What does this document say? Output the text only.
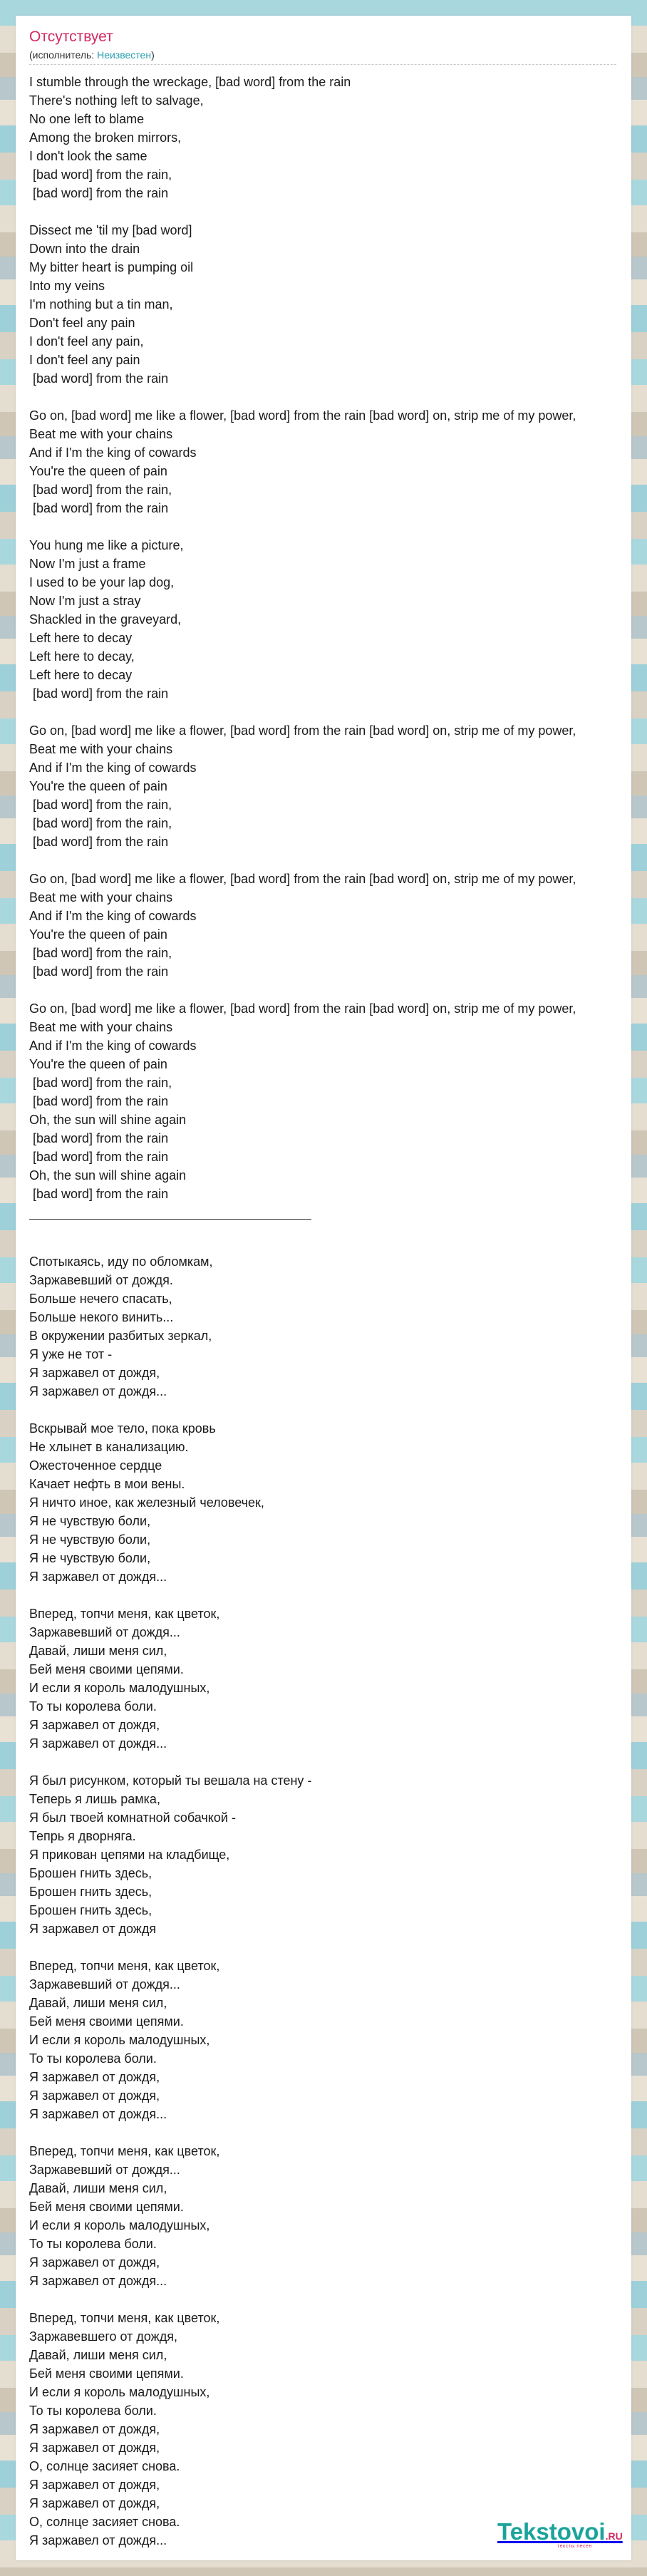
Отсутствует
(исполнитель: Неизвестен)
I stumble through the wreckage, [bad word] from the rain
There's nothing left to salvage,
No one left to blame
Among the broken mirrors,
I don't look the same
[bad word] from the rain,
[bad word] from the rain
Dissect me 'til my [bad word]
Down into the drain
My bitter heart is pumping oil
Into my veins
I'm nothing but a tin man,
Don't feel any pain
I don't feel any pain,
I don't feel any pain
[bad word] from the rain
Go on, [bad word] me like a flower, [bad word] from the rain [bad word] on, strip me of my power,
Beat me with your chains
And if I'm the king of cowards
You're the queen of pain
[bad word] from the rain,
[bad word] from the rain
You hung me like a picture,
Now I'm just a frame
I used to be your lap dog,
Now I'm just a stray
Shackled in the graveyard,
Left here to decay
Left here to decay,
Left here to decay
[bad word] from the rain
Go on, [bad word] me like a flower, [bad word] from the rain [bad word] on, strip me of my power,
Beat me with your chains
And if I'm the king of cowards
You're the queen of pain
[bad word] from the rain,
[bad word] from the rain,
[bad word] from the rain
Go on, [bad word] me like a flower, [bad word] from the rain [bad word] on, strip me of my power,
Beat me with your chains
And if I'm the king of cowards
You're the queen of pain
[bad word] from the rain,
[bad word] from the rain
Go on, [bad word] me like a flower, [bad word] from the rain [bad word] on, strip me of my power,
Beat me with your chains
And if I'm the king of cowards
You're the queen of pain
[bad word] from the rain,
[bad word] from the rain
Oh, the sun will shine again
[bad word] from the rain
[bad word] from the rain
Oh, the sun will shine again
[bad word] from the rain
Спотыкаясь, иду по обломкам,
Заржавевший от дождя.
Больше нечего спасать,
Больше некого винить...
В окружении разбитых зеркал,
Я уже не тот -
Я заржавел от дождя,
Я заржавел от дождя...
Вскрывай мое тело, пока кровь
Не хлынет в канализацию.
Ожесточенное сердце
Качает нефть в мои вены.
Я ничто иное, как железный человечек,
Я не чувствую боли,
Я не чувствую боли,
Я не чувствую боли,
Я заржавел от дождя...
Вперед, топчи меня, как цветок,
Заржавевший от дождя...
Давай, лиши меня сил,
Бей меня своими цепями.
И если я король малодушных,
То ты королева боли.
Я заржавел от дождя,
Я заржавел от дождя...
Я был рисунком, который ты вешала на стену -
Теперь я лишь рамка,
Я был твоей комнатной собачкой -
Тепрь я дворняга.
Я прикован цепями на кладбище,
Брошен гнить здесь,
Брошен гнить здесь,
Брошен гнить здесь,
Я заржавел от дождя
Вперед, топчи меня, как цветок,
Заржавевший от дождя...
Давай, лиши меня сил,
Бей меня своими цепями.
И если я король малодушных,
То ты королева боли.
Я заржавел от дождя,
Я заржавел от дождя,
Я заржавел от дождя...
Вперед, топчи меня, как цветок,
Заржавевший от дождя...
Давай, лиши меня сил,
Бей меня своими цепями.
И если я король малодушных,
То ты королева боли.
Я заржавел от дождя,
Я заржавел от дождя...
Вперед, топчи меня, как цветок,
Заржавевшего от дождя,
Давай, лиши меня сил,
Бей меня своими цепями.
И если я король малодушных,
То ты королева боли.
Я заржавел от дождя,
Я заржавел от дождя,
О, солнце засияет снова.
Я заржавел от дождя,
Я заржавел от дождя,
О, солнце засияет снова.
Я заржавел от дождя...	Tekstovoi.RU
тексты песен
